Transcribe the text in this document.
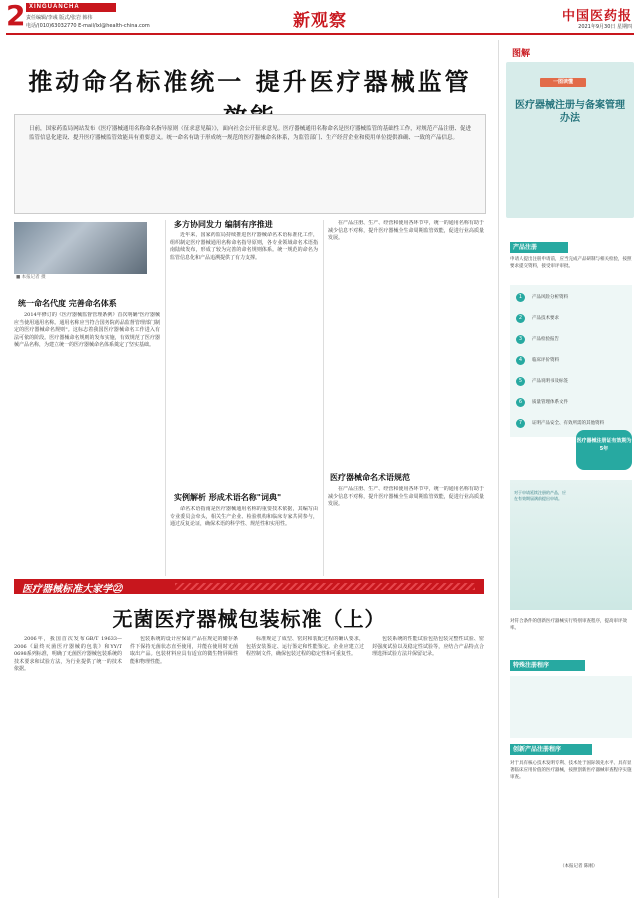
2 XINGUANCHA
责任编辑/李彧 版式/张岩 韩伟
电话/(010)63032770 E-mail/lxl@health-china.com	新观察	中国医药报
2021年9月30日 星期四
推动命名标准统一 提升医疗器械监管
日前，国家药监局网站发布《医疗器械通用名称命名指导原则（征求意见稿）》，面向社会公开征求意见。医疗器械通用名称命名是医疗器械监管的基础性工作，对规范产品注册、促进监管信息化建设、提升医疗器械监管效能具有重要意义。统一命名有助于形成统一规范的医疗器械命名体系，为监管部门、生产经营企业和使用单位提供准确、一致的产品信息。
■ 本报记者 摄
统一命名代度 完善命名体系
2014年修订的《医疗器械监督管理条例》首次明确"医疗器械应当使用通用名称。通用名称应当符合国务院药品监督管理部门制定的医疗器械命名规则"。这标志着我国医疗器械命名工作进入有法可依的阶段。医疗器械命名规则的发布实施，有效规范了医疗器械产品名称，为建立统一的医疗器械命名体系奠定了坚实基础。
多方协同发力 编制有序推进
近年来，国家药监局持续推进医疗器械命名术语标准化工作，组织制定医疗器械通用名称命名指导原则，各专业领域命名术语指南陆续发布，形成了较为完善的命名规则体系。统一规范的命名为监管信息化和产品追溯提供了有力支撑。
实例解析 形成术语名称"词典"
命名术语指南是医疗器械通用名称的重要技术依据，其编写由专业委员会牵头，相关生产企业、检验机构和临床专家共同参与，通过反复论证，确保术语的科学性、规范性和实用性。
在产品注册、生产、经营和使用各环节中，统一的通用名称有助于减少信息不对称，提升医疗器械全生命周期监管效能，促进行业高质量发展。
医疗器械命名术语规范
在产品注册、生产、经营和使用各环节中，统一的通用名称有助于减少信息不对称，提升医疗器械全生命周期监管效能，促进行业高质量发展。
医疗器械标准大家学㉒
无菌医疗器械包装标准（上）
2006年，我国首次发布GB/T 19633—2006《最终灭菌医疗器械的包装》和YY/T 0698系列标准，明确了无菌医疗器械包装系统的技术要求和试验方法，为行业提供了统一的技术依据。
包装系统的设计应保证产品在规定的储存条件下保持无菌状态直至使用，并能在使用时无菌取出产品。包装材料应具有适宜的微生物屏障性能和物理性能。
标准规定了成型、密封和装配过程的确认要求，包括安装鉴定、运行鉴定和性能鉴定。企业应建立过程控制文件，确保包装过程的稳定性和可重复性。
包装系统的性能试验包括包装完整性试验、密封强度试验以及稳定性试验等，应结合产品特点合理选择试验方法并保留记录。
图解
一图读懂
医疗器械注册与备案管理办法
产品注册
申请人提出注册申请前，应当完成产品研制与相关检验，按照要求提交资料，接受审评审批。
1	产品风险分析资料
2	产品技术要求
3	产品检验报告
4	临床评价资料
5	产品说明书及标签
6	质量管理体系文件
7	证明产品安全、有效所需的其他资料
医疗器械注册证有效期为5年
对于申请延续注册的产品，应在有效期届满前提出申请。
对符合条件的创新医疗器械实行特别审查程序，提高审评效率。
特殊注册程序
创新产品注册程序
对于具有核心技术发明专利、技术处于国际领先水平、具有显著临床应用价值的医疗器械，按照创新医疗器械审查程序实施审查。
（本报记者 陈刚）
